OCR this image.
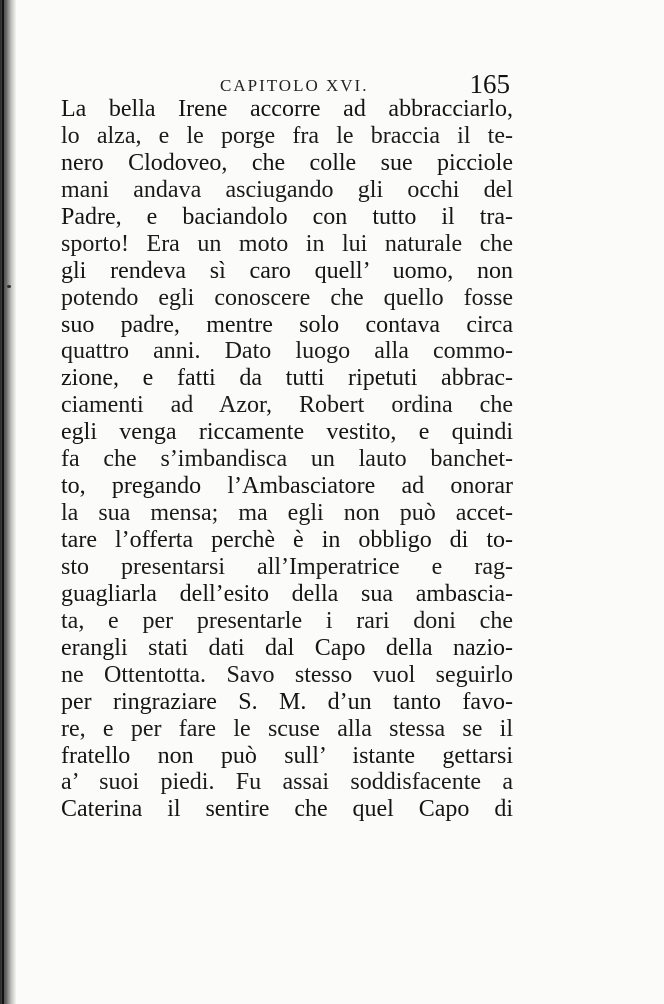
CAPITOLO XVI.	165
La bella Irene accorre ad abbracciarlo,
lo alza, e le porge fra le braccia il te-
nero Clodoveo, che colle sue picciole
mani andava asciugando gli occhi del
Padre, e baciandolo con tutto il tra-
sporto! Era un moto in lui naturale che
gli rendeva sì caro quell’ uomo, non
potendo egli conoscere che quello fosse
suo padre, mentre solo contava circa
quattro anni. Dato luogo alla commo-
zione, e fatti da tutti ripetuti abbrac-
ciamenti ad Azor, Robert ordina che
egli venga riccamente vestito, e quindi
fa che s’imbandisca un lauto banchet-
to, pregando l’Ambasciatore ad onorar
la sua mensa; ma egli non può accet-
tare l’offerta perchè è in obbligo di to-
sto presentarsi all’Imperatrice e rag-
guagliarla dell’esito della sua ambascia-
ta, e per presentarle i rari doni che
erangli stati dati dal Capo della nazio-
ne Ottentotta. Savo stesso vuol seguirlo
per ringraziare S. M. d’un tanto favo-
re, e per fare le scuse alla stessa se il
fratello non può sull’ istante gettarsi
a’ suoi piedi. Fu assai soddisfacente a
Caterina il sentire che quel Capo di
